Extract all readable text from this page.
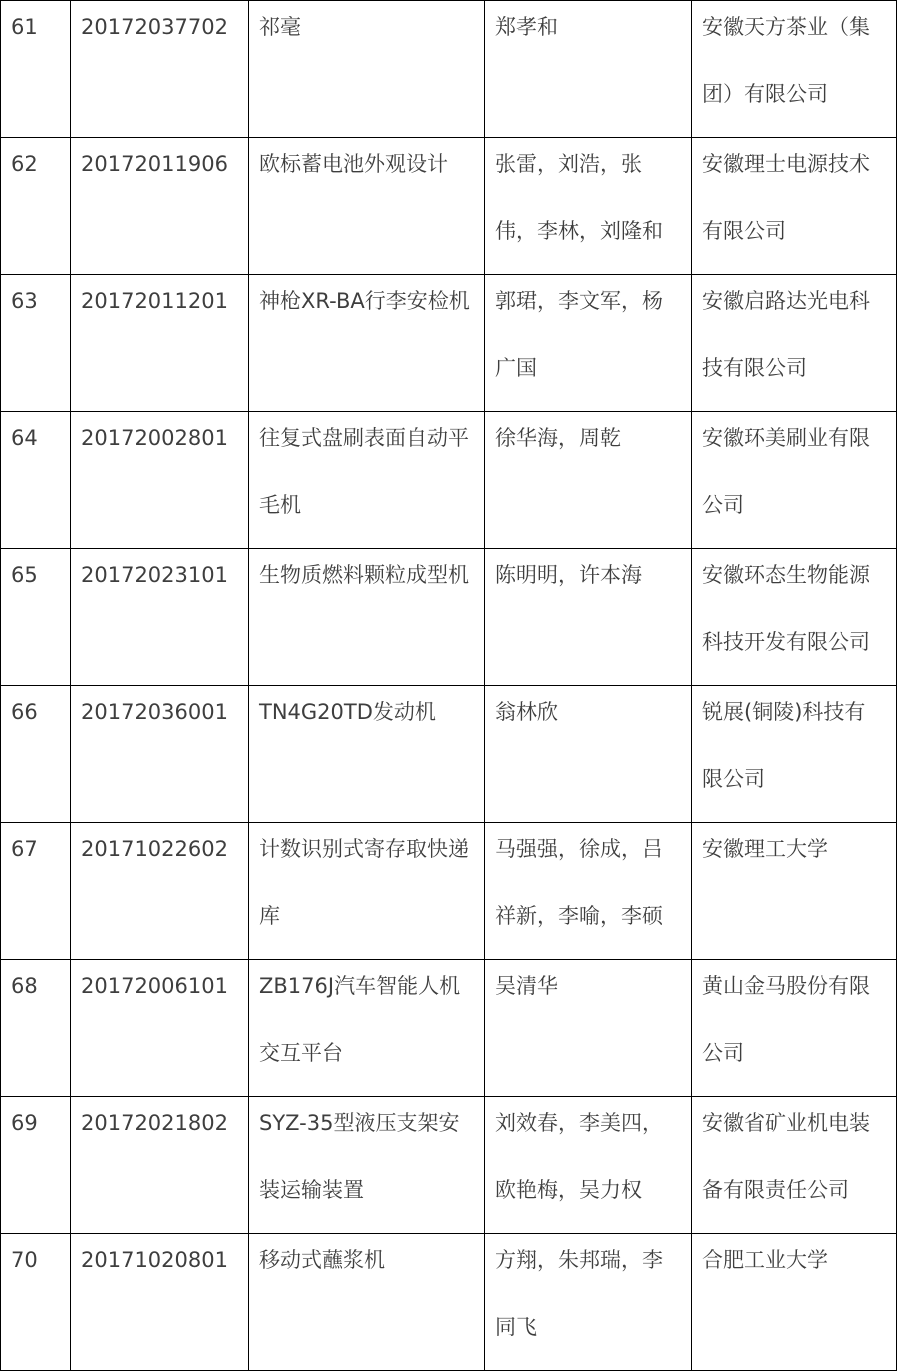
61	20172037702	祁毫	郑孝和	安徽天方茶业（集团）有限公司

62	20172011906	欧标蓄电池外观设计	张雷，刘浩，张伟，李林，刘隆和	安徽理士电源技术有限公司

63	20172011201	神枪XR-BA行李安检机	郭珺，李文军，杨广国	安徽启路达光电科技有限公司

64	20172002801	往复式盘刷表面自动平毛机	徐华海，周乾	安徽环美刷业有限公司

65	20172023101	生物质燃料颗粒成型机	陈明明，许本海	安徽环态生物能源科技开发有限公司

66	20172036001	TN4G20TD发动机	翁林欣	锐展(铜陵)科技有限公司

67	20171022602	计数识别式寄存取快递库	马强强，徐成，吕祥新，李喻，李硕	安徽理工大学

68	20172006101	ZB176J汽车智能人机交互平台	吴清华	黄山金马股份有限公司

69	20172021802	SYZ-35型液压支架安装运输装置	刘效春，李美四，欧艳梅，吴力权	安徽省矿业机电装备有限责任公司

70	20171020801	移动式蘸浆机	方翔，朱邦瑞，李同飞	合肥工业大学
